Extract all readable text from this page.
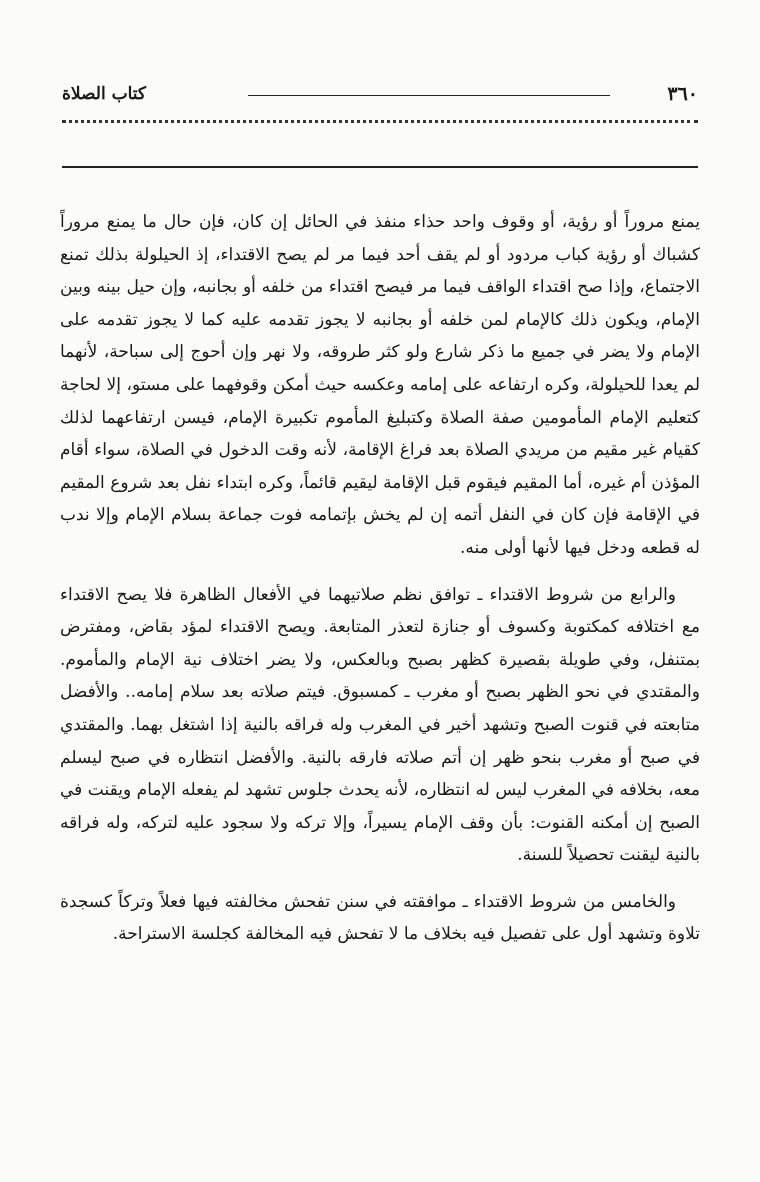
٣٦٠
كتاب الصلاة

يمنع مروراً أو رؤية، أو وقوف واحد حذاء منفذ في الحائل إن كان، فإن حال ما يمنع مروراً كشباك أو رؤية كباب مردود أو لم يقف أحد فيما مر لم يصح الاقتداء، إذ الحيلولة بذلك تمنع الاجتماع، وإذا صح اقتداء الواقف فيما مر فيصح اقتداء من خلفه أو بجانبه، وإن حيل بينه وبين الإمام، ويكون ذلك كالإمام لمن خلفه أو بجانبه لا يجوز تقدمه عليه كما لا يجوز تقدمه على الإمام ولا يضر في جميع ما ذكر شارع ولو كثر طروقه، ولا نهر وإن أحوج إلى سباحة، لأنهما لم يعدا للحيلولة، وكره ارتفاعه على إمامه وعكسه حيث أمكن وقوفهما على مستو، إلا لحاجة كتعليم الإمام المأمومين صفة الصلاة وكتبليغ المأموم تكبيرة الإمام، فيسن ارتفاعهما لذلك كقيام غير مقيم من مريدي الصلاة بعد فراغ الإقامة، لأنه وقت الدخول في الصلاة، سواء أقام المؤذن أم غيره، أما المقيم فيقوم قبل الإقامة ليقيم قائماً، وكره ابتداء نفل بعد شروع المقيم في الإقامة فإن كان في النفل أتمه إن لم يخش بإتمامه فوت جماعة بسلام الإمام وإلا ندب له قطعه ودخل فيها لأنها أولى منه.

والرابع من شروط الاقتداء ـ توافق نظم صلاتيهما في الأفعال الظاهرة فلا يصح الاقتداء مع اختلافه كمكتوبة وكسوف أو جنازة لتعذر المتابعة. ويصح الاقتداء لمؤد بقاض، ومفترض بمتنفل، وفي طويلة بقصيرة كظهر بصبح وبالعكس، ولا يضر اختلاف نية الإمام والمأموم. والمقتدي في نحو الظهر بصبح أو مغرب ـ كمسبوق. فيتم صلاته بعد سلام إمامه.. والأفضل متابعته في قنوت الصبح وتشهد أخير في المغرب وله فراقه بالنية إذا اشتغل بهما. والمقتدي في صبح أو مغرب بنحو ظهر إن أتم صلاته فارقه بالنية. والأفضل انتظاره في صبح ليسلم معه، بخلافه في المغرب ليس له انتظاره، لأنه يحدث جلوس تشهد لم يفعله الإمام ويقنت في الصبح إن أمكنه القنوت: بأن وقف الإمام يسيراً، وإلا تركه ولا سجود عليه لتركه، وله فراقه بالنية ليقنت تحصيلاً للسنة.

والخامس من شروط الاقتداء ـ موافقته في سنن تفحش مخالفته فيها فعلاً وتركاً كسجدة تلاوة وتشهد أول على تفصيل فيه بخلاف ما لا تفحش فيه المخالفة كجلسة الاستراحة.
